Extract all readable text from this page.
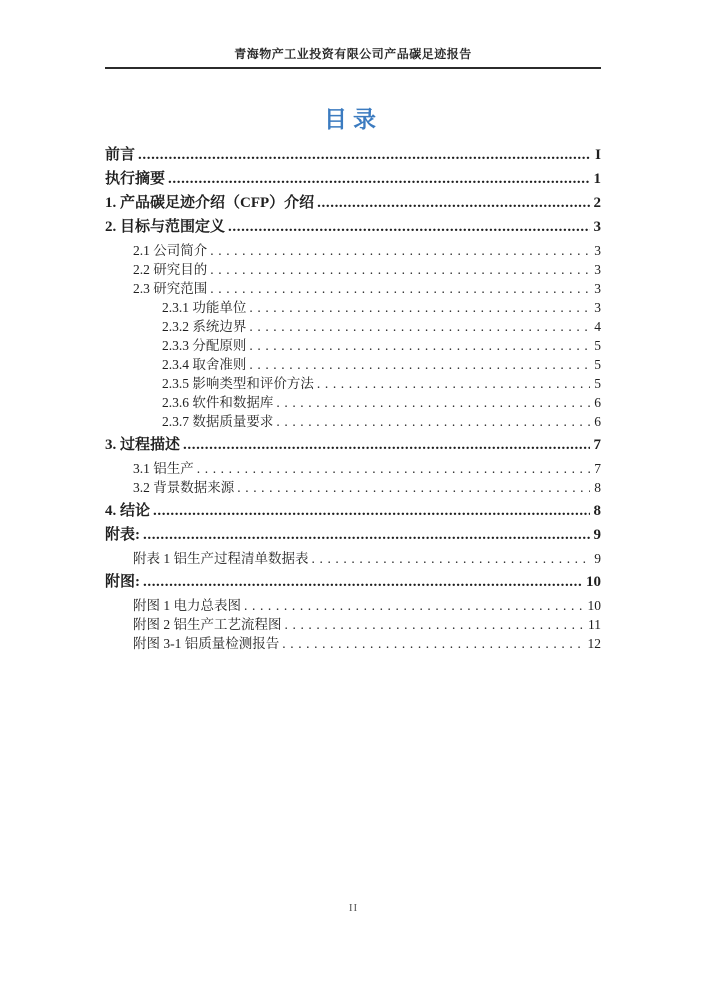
青海物产工业投资有限公司产品碳足迹报告
目录
前言 .....	I
执行摘要 .....	1
1. 产品碳足迹介绍（CFP）介绍 .....	2
2. 目标与范围定义 .....	3
2.1 公司简介 .....	3
2.2 研究目的 .....	3
2.3 研究范围 .....	3
2.3.1 功能单位 .....	3
2.3.2 系统边界 .....	4
2.3.3 分配原则 .....	5
2.3.4 取舍准则 .....	5
2.3.5 影响类型和评价方法 .....	5
2.3.6 软件和数据库 .....	6
2.3.7 数据质量要求 .....	6
3. 过程描述 .....	7
3.1 铝生产 .....	7
3.2 背景数据来源 .....	8
4. 结论 .....	8
附表: .....	9
附表 1 铝生产过程清单数据表 .....	9
附图: .....	10
附图 1 电力总表图 .....	10
附图 2 铝生产工艺流程图 .....	11
附图 3-1 铝质量检测报告 .....	12
II
